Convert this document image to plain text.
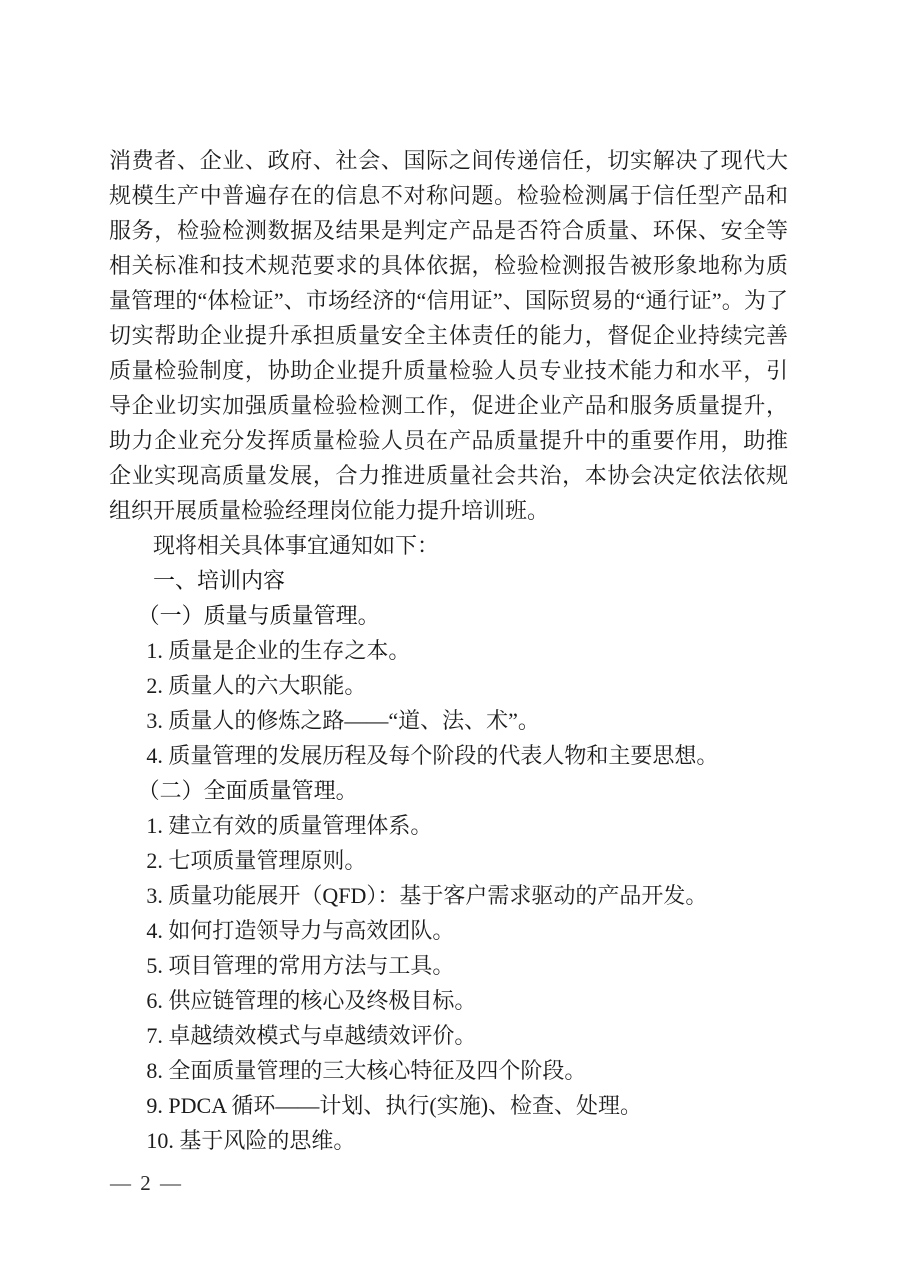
消费者、企业、政府、社会、国际之间传递信任，切实解决了现代大规模生产中普遍存在的信息不对称问题。检验检测属于信任型产品和服务，检验检测数据及结果是判定产品是否符合质量、环保、安全等相关标准和技术规范要求的具体依据，检验检测报告被形象地称为质量管理的“体检证”、市场经济的“信用证”、国际贸易的“通行证”。为了切实帮助企业提升承担质量安全主体责任的能力，督促企业持续完善质量检验制度，协助企业提升质量检验人员专业技术能力和水平，引导企业切实加强质量检验检测工作，促进企业产品和服务质量提升，助力企业充分发挥质量检验人员在产品质量提升中的重要作用，助推企业实现高质量发展，合力推进质量社会共治，本协会决定依法依规组织开展质量检验经理岗位能力提升培训班。

现将相关具体事宜通知如下：

一、培训内容
（一）质量与质量管理。

1. 质量是企业的生存之本。

2. 质量人的六大职能。

3. 质量人的修炼之路——“道、法、术”。

4. 质量管理的发展历程及每个阶段的代表人物和主要思想。

（二）全面质量管理。

1. 建立有效的质量管理体系。

2. 七项质量管理原则。

3. 质量功能展开（QFD）：基于客户需求驱动的产品开发。

4. 如何打造领导力与高效团队。

5. 项目管理的常用方法与工具。

6. 供应链管理的核心及终极目标。

7. 卓越绩效模式与卓越绩效评价。

8. 全面质量管理的三大核心特征及四个阶段。

9. PDCA 循环——计划、执行(实施)、检查、处理。

10. 基于风险的思维。

— 2 —
